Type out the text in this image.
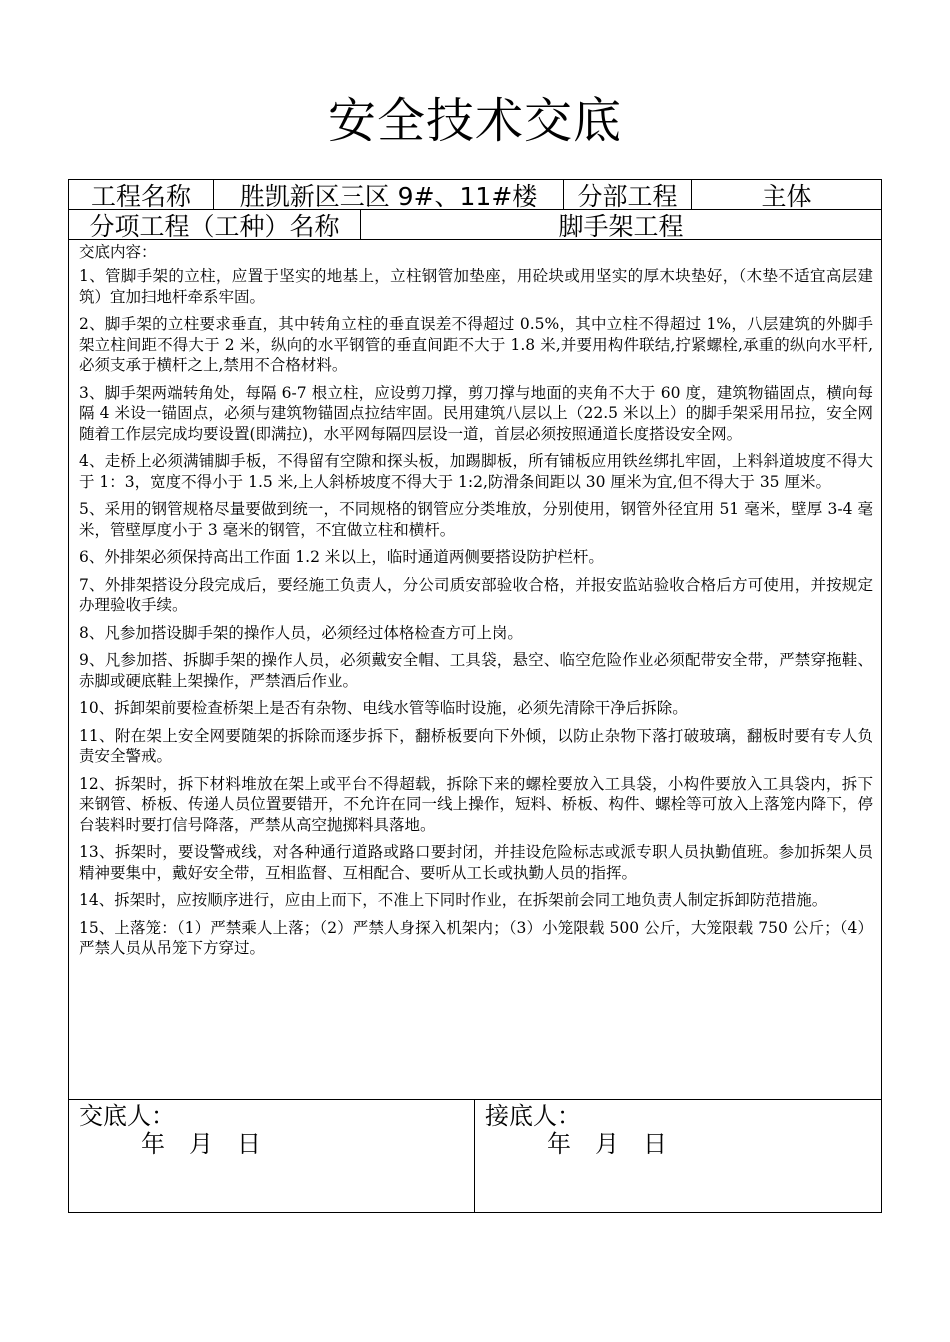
安全技术交底
工程名称	胜凯新区三区 9#、11#楼	分部工程	主体
分项工程（工种）名称	脚手架工程
交底内容：

1、管脚手架的立柱，应置于坚实的地基上，立柱钢管加垫座，用砼块或用坚实的厚木块垫好，（木垫不适宜高层建筑）宜加扫地杆牵系牢固。

2、脚手架的立柱要求垂直，其中转角立柱的垂直误差不得超过 0.5%，其中立柱不得超过 1%，八层建筑的外脚手架立柱间距不得大于 2 米，纵向的水平钢管的垂直间距不大于 1.8 米,并要用构件联结,拧紧螺栓,承重的纵向水平杆,必须支承于横杆之上,禁用不合格材料。

3、脚手架两端转角处，每隔 6-7 根立柱，应设剪刀撑，剪刀撑与地面的夹角不大于 60 度，建筑物锚固点，横向每隔 4 米设一锚固点，必须与建筑物锚固点拉结牢固。民用建筑八层以上（22.5 米以上）的脚手架采用吊拉，安全网随着工作层完成均要设置(即满拉)，水平网每隔四层设一道，首层必须按照通道长度搭设安全网。

4、走桥上必须满铺脚手板，不得留有空隙和探头板，加踢脚板，所有铺板应用铁丝绑扎牢固，上料斜道坡度不得大于 1：3，宽度不得小于 1.5 米,上人斜桥坡度不得大于 1:2,防滑条间距以 30 厘米为宜,但不得大于 35 厘米。

5、采用的钢管规格尽量要做到统一，不同规格的钢管应分类堆放，分别使用，钢管外径宜用 51 毫米，壁厚 3-4 毫米，管壁厚度小于 3 毫米的钢管，不宜做立柱和横杆。

6、外排架必须保持高出工作面 1.2 米以上，临时通道两侧要搭设防护栏杆。

7、外排架搭设分段完成后，要经施工负责人，分公司质安部验收合格，并报安监站验收合格后方可使用，并按规定办理验收手续。

8、凡参加搭设脚手架的操作人员，必须经过体格检查方可上岗。

9、凡参加搭、拆脚手架的操作人员，必须戴安全帽、工具袋，悬空、临空危险作业必须配带安全带，严禁穿拖鞋、赤脚或硬底鞋上架操作，严禁酒后作业。

10、拆卸架前要检查桥架上是否有杂物、电线水管等临时设施，必须先清除干净后拆除。

11、附在架上安全网要随架的拆除而逐步拆下，翻桥板要向下外倾，以防止杂物下落打破玻璃，翻板时要有专人负责安全警戒。

12、拆架时，拆下材料堆放在架上或平台不得超载，拆除下来的螺栓要放入工具袋，小构件要放入工具袋内，拆下来钢管、桥板、传递人员位置要错开，不允许在同一线上操作，短料、桥板、构件、螺栓等可放入上落笼内降下，停台装料时要打信号降落，严禁从高空抛掷料具落地。

13、拆架时，要设警戒线，对各种通行道路或路口要封闭，并挂设危险标志或派专职人员执勤值班。参加拆架人员精神要集中，戴好安全带，互相监督、互相配合、要听从工长或执勤人员的指挥。

14、拆架时，应按顺序进行，应由上而下，不准上下同时作业，在拆架前会同工地负责人制定拆卸防范措施。

15、上落笼：（1）严禁乘人上落；（2）严禁人身探入机架内；（3）小笼限载 500 公斤，大笼限载 750 公斤；（4）严禁人员从吊笼下方穿过。

交底人：
年　月　日
接底人：
年　月　日
